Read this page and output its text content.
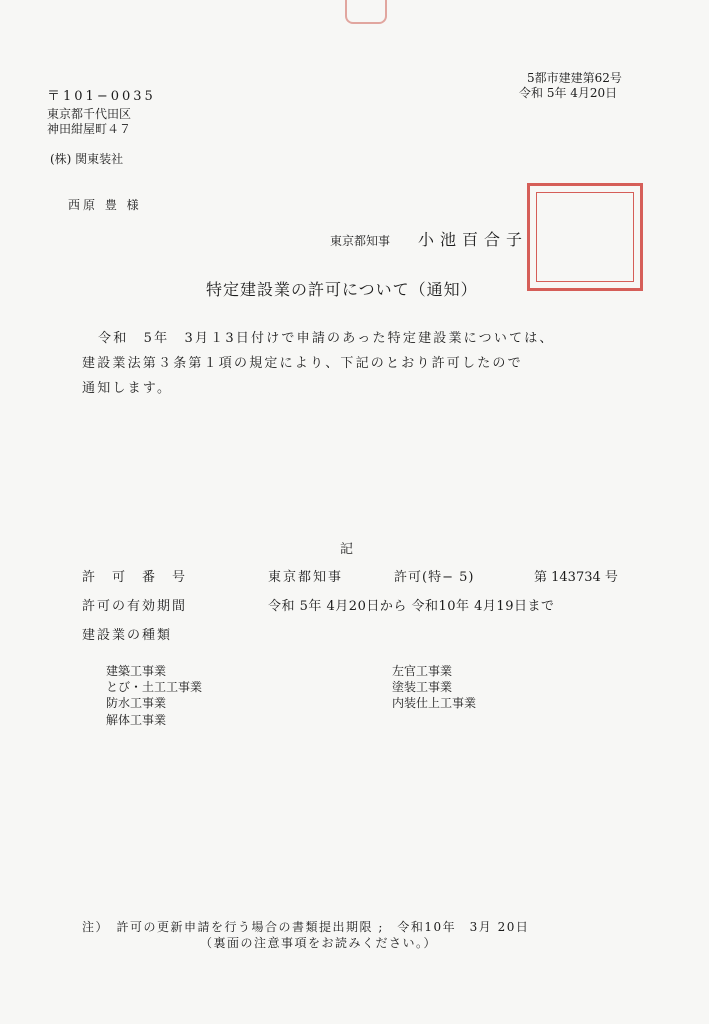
5都市建建第62号
令和 5年 4月20日
〒101−0035
東京都千代田区
神田紺屋町４７
(株) 関東装社
西原 豊 様
東京都知事 小池百合子
特定建設業の許可について（通知）
令和　5年　3月１3日付けで申請のあった特定建設業については、
建設業法第３条第１項の規定により、下記のとおり許可したので
通知します。
記
許　可　番　号	東京都知事	許可(特− 5)	第 143734 号
許可の有効期間	令和 5年 4月20日から 令和10年 4月19日まで
建設業の種類
建築工事業
とび・土工工事業
防水工事業
解体工事業
左官工事業
塗装工事業
内装仕上工事業
注）　許可の更新申請を行う場合の書類提出期限 ;　令和10年　3月 20日
（裏面の注意事項をお読みください。）
